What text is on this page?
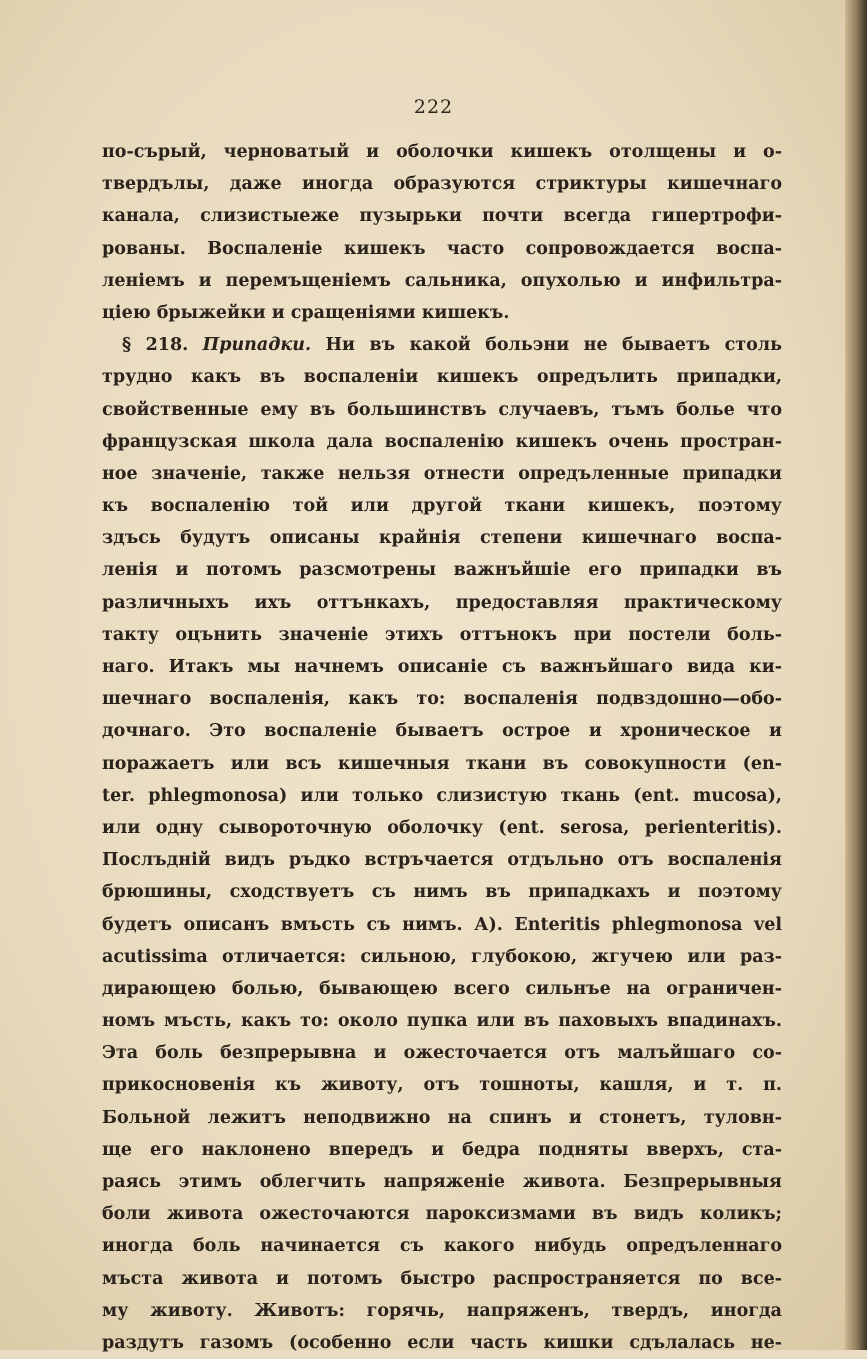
222
по-сърый, черноватый и оболочки кишекъ отолщены и о-
твердълы, даже иногда образуются стриктуры кишечнаго
канала, слизистыеже пузырьки почти всегда гипертрофи-
рованы. Воспаленіе кишекъ часто сопровождается воспа-
леніемъ и перемъщеніемъ сальника, опухолью и инфильтра-
ціею брыжейки и сращеніями кишекъ.
§ 218. Припадки. Ни въ какой больэни не бываетъ столь
трудно какъ въ воспаленіи кишекъ опредълить припадки,
свойственные ему въ большинствъ случаевъ, тъмъ болье что
французская школа дала воспаленію кишекъ очень простран-
ное значеніе, также нельзя отнести опредъленные припадки
къ воспаленію той или другой ткани кишекъ, поэтому
здъсь будутъ описаны крайнія степени кишечнаго воспа-
ленія и потомъ разсмотрены важнъйшіе его припадки въ
различныхъ ихъ оттънкахъ, предоставляя практическому
такту оцънить значеніе этихъ оттънокъ при постели боль-
наго. Итакъ мы начнемъ описаніе съ важнъйшаго вида ки-
шечнаго воспаленія, какъ то: воспаленія подвздошно—обо-
дочнаго. Это воспаленіе бываетъ острое и хроническое и
поражаетъ или всъ кишечныя ткани въ совокупности (en-
ter. phlegmonosa) или только слизистую ткань (ent. mucosa),
или одну сывороточную оболочку (ent. serosa, perienteritis).
Послъдній видъ ръдко встръчается отдъльно отъ воспаленія
брюшины, сходствуетъ съ нимъ въ припадкахъ и поэтому
будетъ описанъ вмъсть съ нимъ. А). Enteritis phlegmonosa vel
acutissima отличается: сильною, глубокою, жгучею или раз-
дирающею болью, бывающею всего сильнъе на ограничен-
номъ мъсть, какъ то: около пупка или въ паховыхъ впадинахъ.
Эта боль безпрерывна и ожесточается отъ малъйшаго со-
прикосновенія къ животу, отъ тошноты, кашля, и т. п.
Больной лежитъ неподвижно на спинъ и стонетъ, туловн-
ще его наклонено впередъ и бедра подняты вверхъ, ста-
раясь этимъ облегчить напряженіе живота. Безпрерывныя
боли живота ожесточаются пароксизмами въ видъ коликъ;
иногда боль начинается съ какого нибудь опредъленнаго
мъста живота и потомъ быстро распространяется по все-
му животу. Животъ: горячь, напряженъ, твердъ, иногда
раздутъ газомъ (особенно если часть кишки сдълалась не-
